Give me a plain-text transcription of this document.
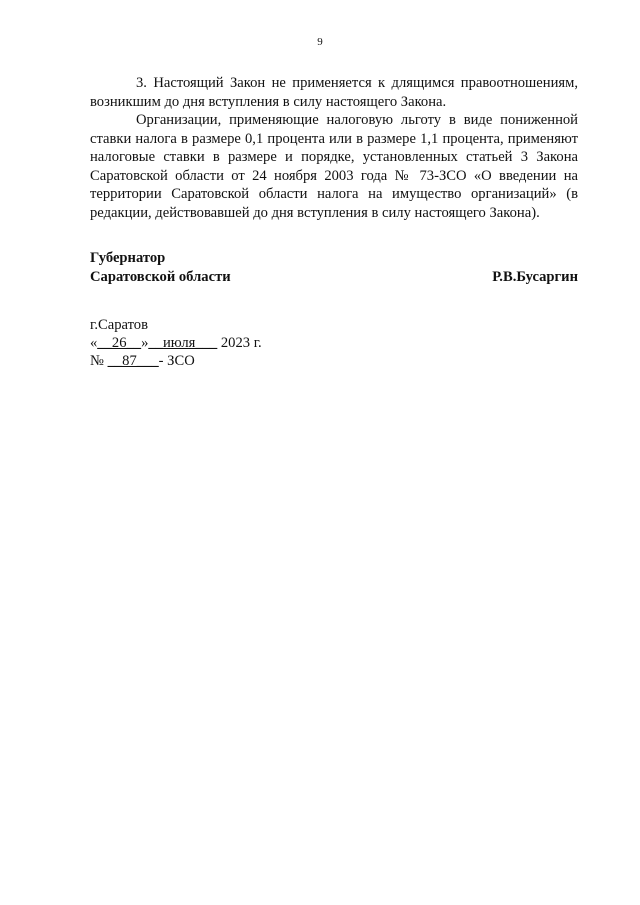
9

3. Настоящий Закон не применяется к длящимся правоотношениям, возникшим до дня вступления в силу настоящего Закона.

Организации, применяющие налоговую льготу в виде пониженной ставки налога в размере 0,1 процента или в размере 1,1 процента, применяют налоговые ставки в размере и порядке, установленных статьей 3 Закона Саратовской области от 24 ноября 2003 года № 73-ЗСО «О введении на территории Саратовской области налога на имущество организаций» (в редакции, действовавшей до дня вступления в силу настоящего Закона).

Губернатор
Саратовской области	Р.В.Бусаргин
г.Саратов
«__26__»__июля___ 2023 г.
№ __87___- ЗСО
